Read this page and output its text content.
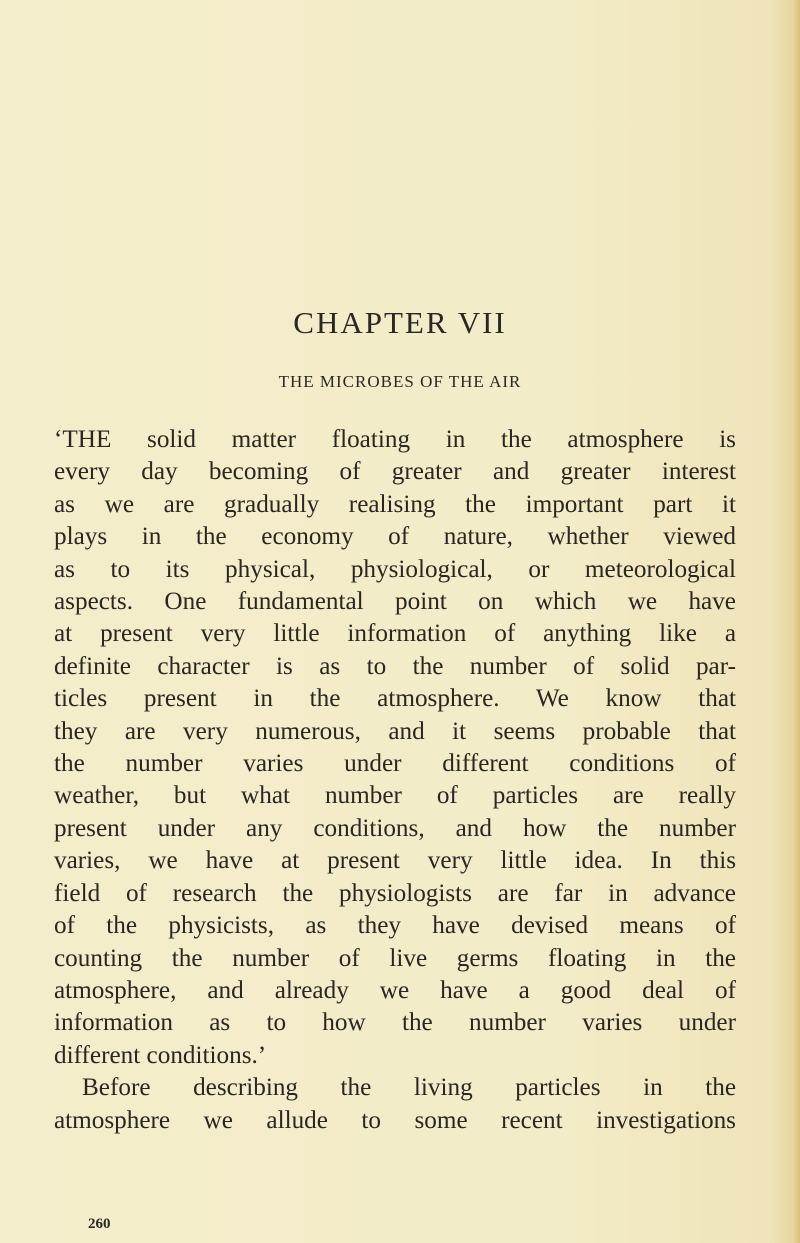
CHAPTER VII
THE MICROBES OF THE AIR
‘THE solid matter floating in the atmosphere is
every day becoming of greater and greater interest
as we are gradually realising the important part it
plays in the economy of nature, whether viewed
as to its physical, physiological, or meteorological
aspects. One fundamental point on which we have
at present very little information of anything like a
definite character is as to the number of solid par-
ticles present in the atmosphere. We know that
they are very numerous, and it seems probable that
the number varies under different conditions of
weather, but what number of particles are really
present under any conditions, and how the number
varies, we have at present very little idea. In this
field of research the physiologists are far in advance
of the physicists, as they have devised means of
counting the number of live germs floating in the
atmosphere, and already we have a good deal of
information as to how the number varies under
different conditions.’
Before describing the living particles in the
atmosphere we allude to some recent investigations
260
